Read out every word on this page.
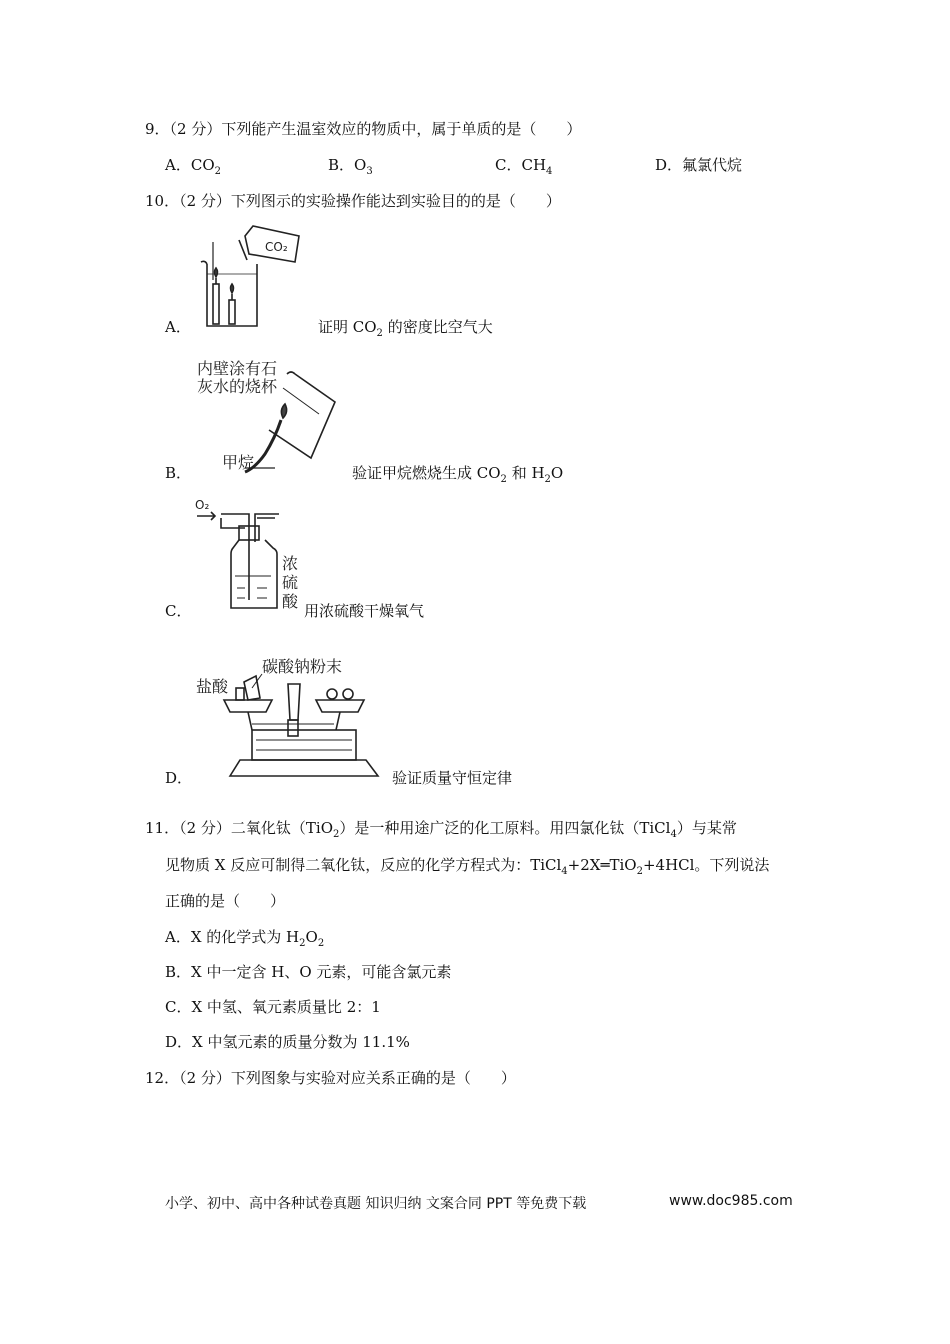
9．（2 分）下列能产生温室效应的物质中，属于单质的是（　　）
A．$CO_2$	B．$O_3$	C．$CH_4$	D．氟氯代烷
10．（2 分）下列图示的实验操作能达到实验目的的是（　　）
CO₂
A．	证明 $CO_2$ 的密度比空气大
内壁涂有石
灰水的烧杯
甲烷
B．	验证甲烷燃烧生成 $CO_2$ 和 $H_2O$
O₂
浓
硫
酸
C．	用浓硫酸干燥氧气
碳酸钠粉末
盐酸
D．	验证质量守恒定律
11．（2 分）二氧化钛（TiO$_2$）是一种用途广泛的化工原料。用四氯化钛（TiCl$_4$）与某常
见物质 X 反应可制得二氧化钛，反应的化学方程式为：TiCl$_4$+2X═TiO$_2$+4HCl。下列说法
正确的是（　　）
A．X 的化学式为 $H_2O_2$
B．X 中一定含 H、O 元素，可能含氯元素
C．X 中氢、氧元素质量比 2：1
D．X 中氢元素的质量分数为 11.1%
12．（2 分）下列图象与实验对应关系正确的是（　　）
小学、初中、高中各种试卷真题 知识归纳 文案合同 PPT 等免费下载	www.doc985.com
